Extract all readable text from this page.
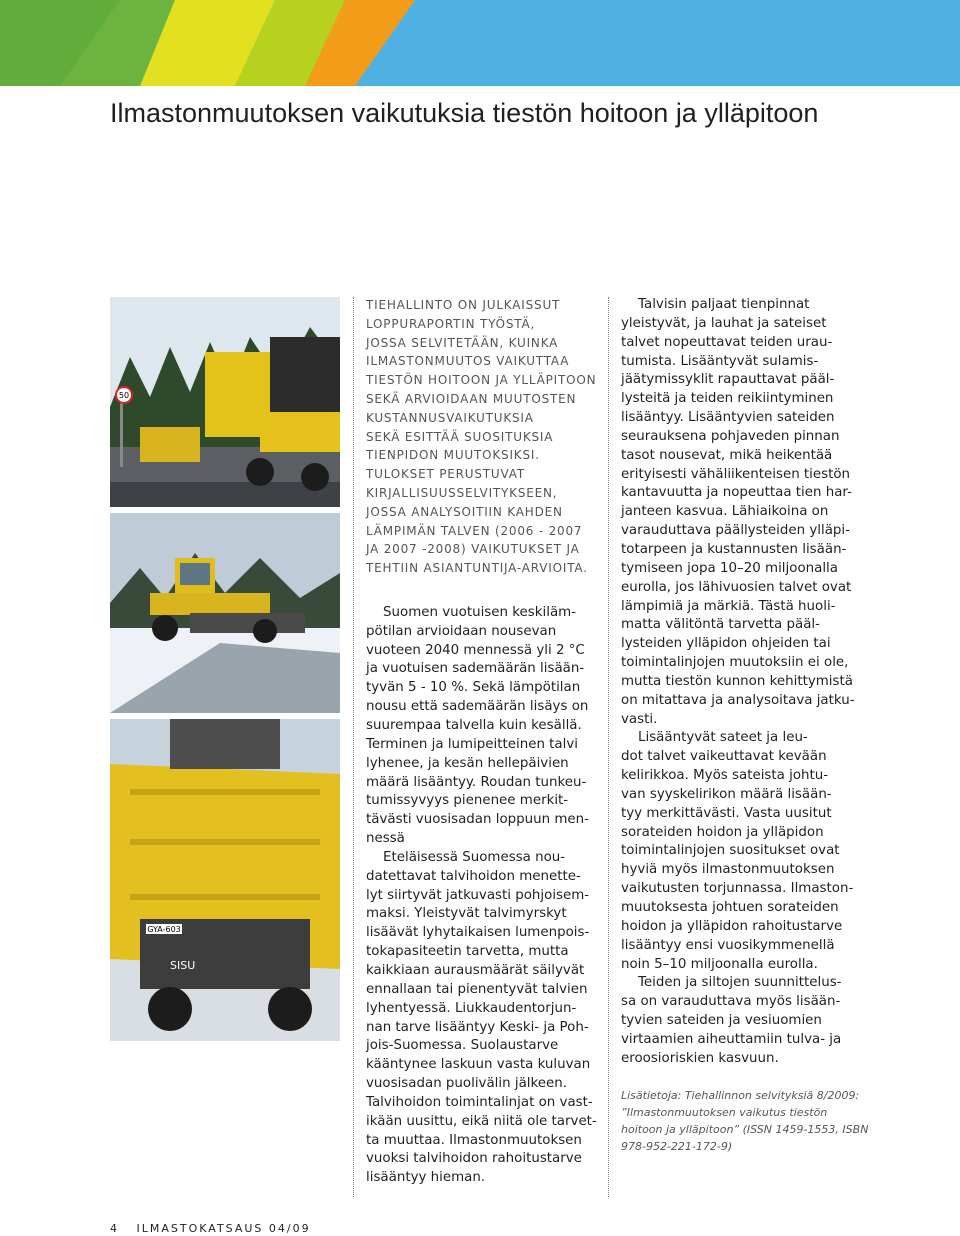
Ilmastonmuutoksen vaikutuksia tiestön hoitoon ja ylläpitoon
50
GYA-603
SISU
TIEHALLINTO ON JULKAISSUT
LOPPURAPORTIN TYÖSTÄ,
JOSSA SELVITETÄÄN, KUINKA
ILMASTONMUUTOS VAIKUTTAA
TIESTÖN HOITOON JA YLLÄPITOON
SEKÄ ARVIOIDAAN MUUTOSTEN
KUSTANNUSVAIKUTUKSIA
SEKÄ ESITTÄÄ SUOSITUKSIA
TIENPIDON MUUTOKSIKSI.
TULOKSET PERUSTUVAT
KIRJALLISUUSSELVITYKSEEN,
JOSSA ANALYSOITIIN KAHDEN
LÄMPIMÄN TALVEN (2006 - 2007
JA 2007 -2008) VAIKUTUKSET JA
TEHTIIN ASIANTUNTIJA-ARVIOITA.
Suomen vuotuisen keskiläm-
pötilan arvioidaan nousevan
vuoteen 2040 mennessä yli 2 °C
ja vuotuisen sademäärän lisään-
tyvän 5 - 10 %. Sekä lämpötilan
nousu että sademäärän lisäys on
suurempaa talvella kuin kesällä.
Terminen ja lumipeitteinen talvi
lyhenee, ja kesän hellepäivien
määrä lisääntyy. Roudan tunkeu-
tumissyvyys pienenee merkit-
tävästi vuosisadan loppuun men-
nessä
Eteläisessä Suomessa nou-
datettavat talvihoidon menette-
lyt siirtyvät jatkuvasti pohjoisem-
maksi. Yleistyvät talvimyrskyt
lisäävät lyhytaikaisen lumenpois-
tokapasiteetin tarvetta, mutta
kaikkiaan aurausmäärät säilyvät
ennallaan tai pienentyvät talvien
lyhentyessä. Liukkaudentorjun-
nan tarve lisääntyy Keski- ja Poh-
jois-Suomessa. Suolaustarve
kääntynee laskuun vasta kuluvan
vuosisadan puolivälin jälkeen.
Talvihoidon toimintalinjat on vast-
ikään uusittu, eikä niitä ole tarvet-
ta muuttaa. Ilmastonmuutoksen
vuoksi talvihoidon rahoitustarve
lisääntyy hieman.
Talvisin paljaat tienpinnat
yleistyvät, ja lauhat ja sateiset
talvet nopeuttavat teiden urau-
tumista. Lisääntyvät sulamis-
jäätymissyklit rapauttavat pääl-
lysteitä ja teiden reikiintyminen
lisääntyy. Lisääntyvien sateiden
seurauksena pohjaveden pinnan
tasot nousevat, mikä heikentää
erityisesti vähäliikenteisen tiestön
kantavuutta ja nopeuttaa tien har-
janteen kasvua. Lähiaikoina on
varauduttava päällysteiden ylläpi-
totarpeen ja kustannusten lisään-
tymiseen jopa 10–20 miljoonalla
eurolla, jos lähivuosien talvet ovat
lämpimiä ja märkiä. Tästä huoli-
matta välitöntä tarvetta pääl-
lysteiden ylläpidon ohjeiden tai
toimintalinjojen muutoksiin ei ole,
mutta tiestön kunnon kehittymistä
on mitattava ja analysoitava jatku-
vasti.
Lisääntyvät sateet ja leu-
dot talvet vaikeuttavat kevään
kelirikkoa. Myös sateista johtu-
van syyskelirikon määrä lisään-
tyy merkittävästi. Vasta uusitut
sorateiden hoidon ja ylläpidon
toimintalinjojen suositukset ovat
hyviä myös ilmastonmuutoksen
vaikutusten torjunnassa. Ilmaston-
muutoksesta johtuen sorateiden
hoidon ja ylläpidon rahoitustarve
lisääntyy ensi vuosikymmenellä
noin 5–10 miljoonalla eurolla.
Teiden ja siltojen suunnittelus-
sa on varauduttava myös lisään-
tyvien sateiden ja vesiuomien
virtaamien aiheuttamiin tulva- ja
eroosioriskien kasvuun.
Lisätietoja: Tiehallinnon selvityksiä 8/2009:
”Ilmastonmuutoksen vaikutus tiestön
hoitoon ja ylläpitoon” (ISSN 1459-1553, ISBN
978-952-221-172-9)
4 ILMASTOKATSAUS 04/09
